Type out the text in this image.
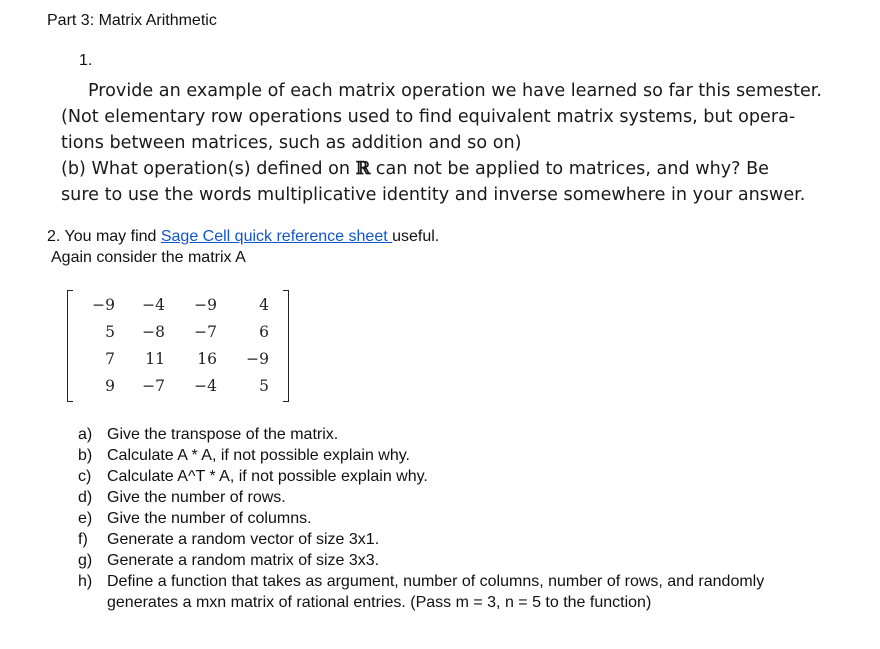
Part 3: Matrix Arithmetic
1.
Provide an example of each matrix operation we have learned so far this semester.
(Not elementary row operations used to find equivalent matrix systems, but opera-
tions between matrices, such as addition and so on)
(b) What operation(s) defined on ℝ can not be applied to matrices, and why? Be
sure to use the words multiplicative identity and inverse somewhere in your answer.
2. You may find Sage Cell quick reference sheet useful.
Again consider the matrix A
−9	−4	−9	4
5	−8	−7	6
7	11	16	−9
9	−7	−4	5
a) Give the transpose of the matrix.
b) Calculate A * A, if not possible explain why.
c) Calculate A^T * A, if not possible explain why.
d) Give the number of rows.
e) Give the number of columns.
f)	Generate a random vector of size 3x1.
g) Generate a random matrix of size 3x3.
h) Define a function that takes as argument, number of columns, number of rows, and randomly generates a mxn matrix of rational entries. (Pass m = 3, n = 5 to the function)
